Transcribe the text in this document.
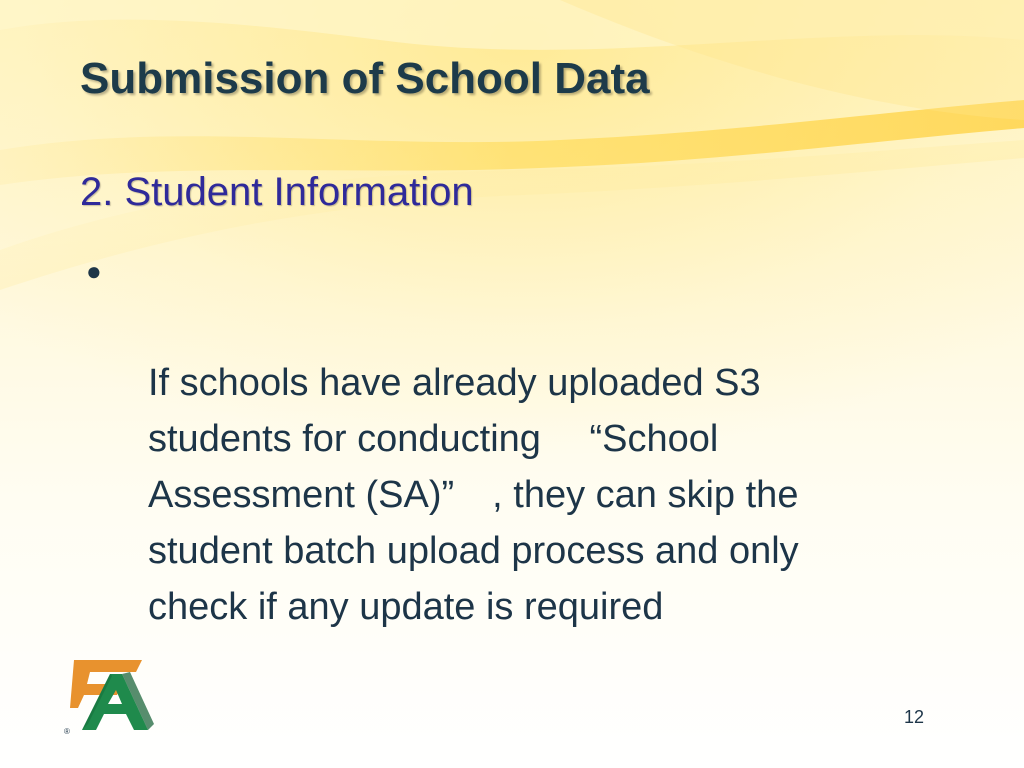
Submission of School Data
2. Student Information

●

If schools have already uploaded S3
students for conducting 　“School
Assessment (SA)”　, they can skip the
student batch upload process and only
check if any update is required

®
12
